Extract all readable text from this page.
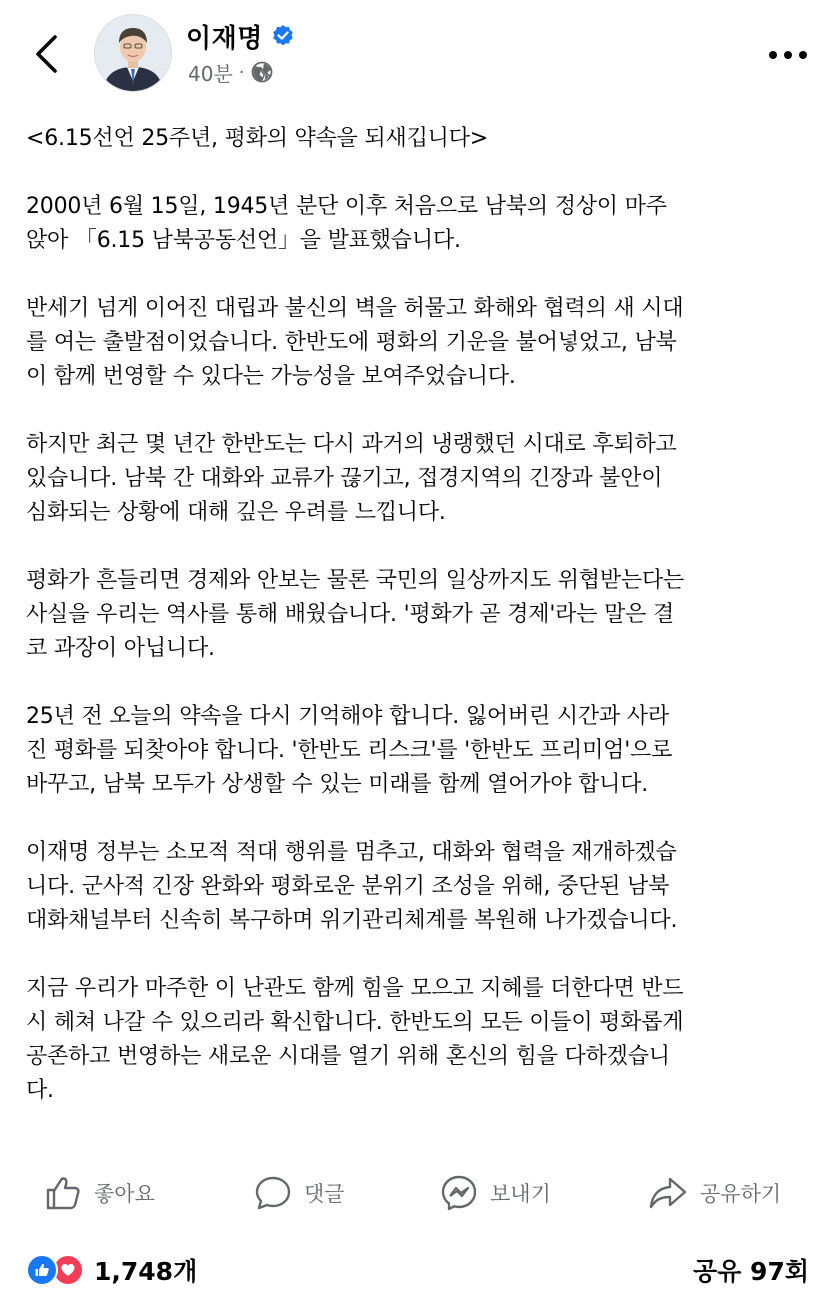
이재명
40분 ·

<6.15선언 25주년, 평화의 약속을 되새깁니다>

2000년 6월 15일, 1945년 분단 이후 처음으로 남북의 정상이 마주
앉아 「6.15 남북공동선언」을 발표했습니다.

반세기 넘게 이어진 대립과 불신의 벽을 허물고 화해와 협력의 새 시대
를 여는 출발점이었습니다. 한반도에 평화의 기운을 불어넣었고, 남북
이 함께 번영할 수 있다는 가능성을 보여주었습니다.

하지만 최근 몇 년간 한반도는 다시 과거의 냉랭했던 시대로 후퇴하고
있습니다. 남북 간 대화와 교류가 끊기고, 접경지역의 긴장과 불안이
심화되는 상황에 대해 깊은 우려를 느낍니다.

평화가 흔들리면 경제와 안보는 물론 국민의 일상까지도 위협받는다는
사실을 우리는 역사를 통해 배웠습니다. '평화가 곧 경제'라는 말은 결
코 과장이 아닙니다.

25년 전 오늘의 약속을 다시 기억해야 합니다. 잃어버린 시간과 사라
진 평화를 되찾아야 합니다. '한반도 리스크'를 '한반도 프리미엄'으로
바꾸고, 남북 모두가 상생할 수 있는 미래를 함께 열어가야 합니다.

이재명 정부는 소모적 적대 행위를 멈추고, 대화와 협력을 재개하겠습
니다. 군사적 긴장 완화와 평화로운 분위기 조성을 위해, 중단된 남북
대화채널부터 신속히 복구하며 위기관리체계를 복원해 나가겠습니다.

지금 우리가 마주한 이 난관도 함께 힘을 모으고 지혜를 더한다면 반드
시 헤쳐 나갈 수 있으리라 확신합니다. 한반도의 모든 이들이 평화롭게
공존하고 번영하는 새로운 시대를 열기 위해 혼신의 힘을 다하겠습니
다.

좋아요	댓글	보내기	공유하기
1,748개	공유 97회
